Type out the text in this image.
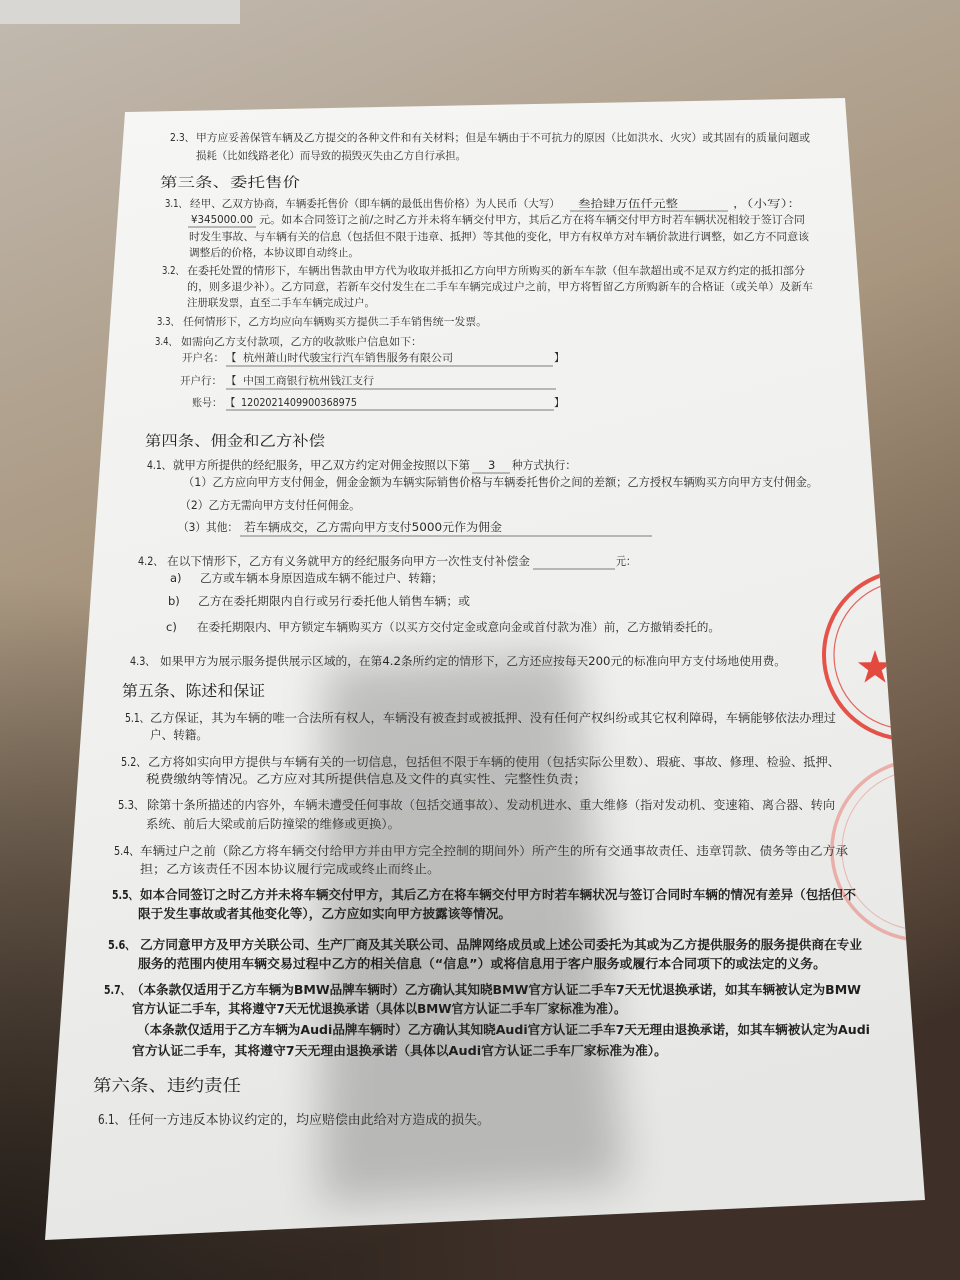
2.3、 甲方应妥善保管车辆及乙方提交的各种文件和有关材料；但是车辆由于不可抗力的原因（比如洪水、火灾）或其固有的质量问题或
损耗（比如线路老化）而导致的损毁灭失由乙方自行承担。
第三条、委托售价
3.1、 经甲、乙双方协商，车辆委托售价（即车辆的最低出售价格）为人民币（大写） 叁拾肆万伍仟元整	，（小写）：
¥345000.00 元。如本合同签订之前/之时乙方并未将车辆交付甲方，其后乙方在将车辆交付甲方时若车辆状况相较于签订合同
时发生事故、与车辆有关的信息（包括但不限于违章、抵押）等其他的变化，甲方有权单方对车辆价款进行调整，如乙方不同意该
调整后的价格，本协议即自动终止。
3.2、 在委托处置的情形下，车辆出售款由甲方代为收取并抵扣乙方向甲方所购买的新车车款（但车款超出或不足双方约定的抵扣部分
的，则多退少补）。乙方同意，若新车交付发生在二手车车辆完成过户之前，甲方将暂留乙方所购新车的合格证（或关单）及新车
注册联发票，直至二手车车辆完成过户。
3.3、 任何情形下，乙方均应向车辆购买方提供二手车销售统一发票。
3.4、 如需向乙方支付款项，乙方的收款账户信息如下：
开户名： 【 杭州萧山时代骏宝行汽车销售服务有限公司	】
开户行： 【 中国工商银行杭州钱江支行
账号： 【 1202021409900368975	】
第四条、佣金和乙方补偿
4.1、 就甲方所提供的经纪服务，甲乙双方约定对佣金按照以下第 3 种方式执行：
（1）乙方应向甲方支付佣金，佣金金额为车辆实际销售价格与车辆委托售价之间的差额；乙方授权车辆购买方向甲方支付佣金。
（2）乙方无需向甲方支付任何佣金。
（3）其他： 若车辆成交，乙方需向甲方支付5000元作为佣金
4.2、 在以下情形下，乙方有义务就甲方的经纪服务向甲方一次性支付补偿金	元：
a) 乙方或车辆本身原因造成车辆不能过户、转籍；
b) 乙方在委托期限内自行或另行委托他人销售车辆；或
c) 在委托期限内、甲方锁定车辆购买方（以买方交付定金或意向金或首付款为准）前，乙方撤销委托的。
4.3、 如果甲方为展示服务提供展示区域的，在第4.2条所约定的情形下，乙方还应按每天200元的标准向甲方支付场地使用费。
第五条、陈述和保证
5.1、 乙方保证，其为车辆的唯一合法所有权人，车辆没有被查封或被抵押、没有任何产权纠纷或其它权利障碍，车辆能够依法办理过
户、转籍。
5.2、 乙方将如实向甲方提供与车辆有关的一切信息，包括但不限于车辆的使用（包括实际公里数）、瑕疵、事故、修理、检验、抵押、
税费缴纳等情况。乙方应对其所提供信息及文件的真实性、完整性负责；
5.3、 除第十条所描述的内容外，车辆未遭受任何事故（包括交通事故）、发动机进水、重大维修（指对发动机、变速箱、离合器、转向
系统、前后大梁或前后防撞梁的维修或更换）。
5.4、 车辆过户之前（除乙方将车辆交付给甲方并由甲方完全控制的期间外）所产生的所有交通事故责任、违章罚款、债务等由乙方承
担；乙方该责任不因本协议履行完成或终止而终止。
5.5、 如本合同签订之时乙方并未将车辆交付甲方，其后乙方在将车辆交付甲方时若车辆状况与签订合同时车辆的情况有差异（包括但不
限于发生事故或者其他变化等），乙方应如实向甲方披露该等情况。
5.6、 乙方同意甲方及甲方关联公司、生产厂商及其关联公司、品牌网络成员或上述公司委托为其或为乙方提供服务的服务提供商在专业
服务的范围内使用车辆交易过程中乙方的相关信息（“信息”）或将信息用于客户服务或履行本合同项下的或法定的义务。
5.7、 （本条款仅适用于乙方车辆为BMW品牌车辆时）乙方确认其知晓BMW官方认证二手车7天无忧退换承诺，如其车辆被认定为BMW
官方认证二手车，其将遵守7天无忧退换承诺（具体以BMW官方认证二手车厂家标准为准）。
（本条款仅适用于乙方车辆为Audi品牌车辆时）乙方确认其知晓Audi官方认证二手车7天无理由退换承诺，如其车辆被认定为Audi
官方认证二手车，其将遵守7天无理由退换承诺（具体以Audi官方认证二手车厂家标准为准）。
第六条、违约责任
6.1、 任何一方违反本协议约定的，均应赔偿由此给对方造成的损失。
